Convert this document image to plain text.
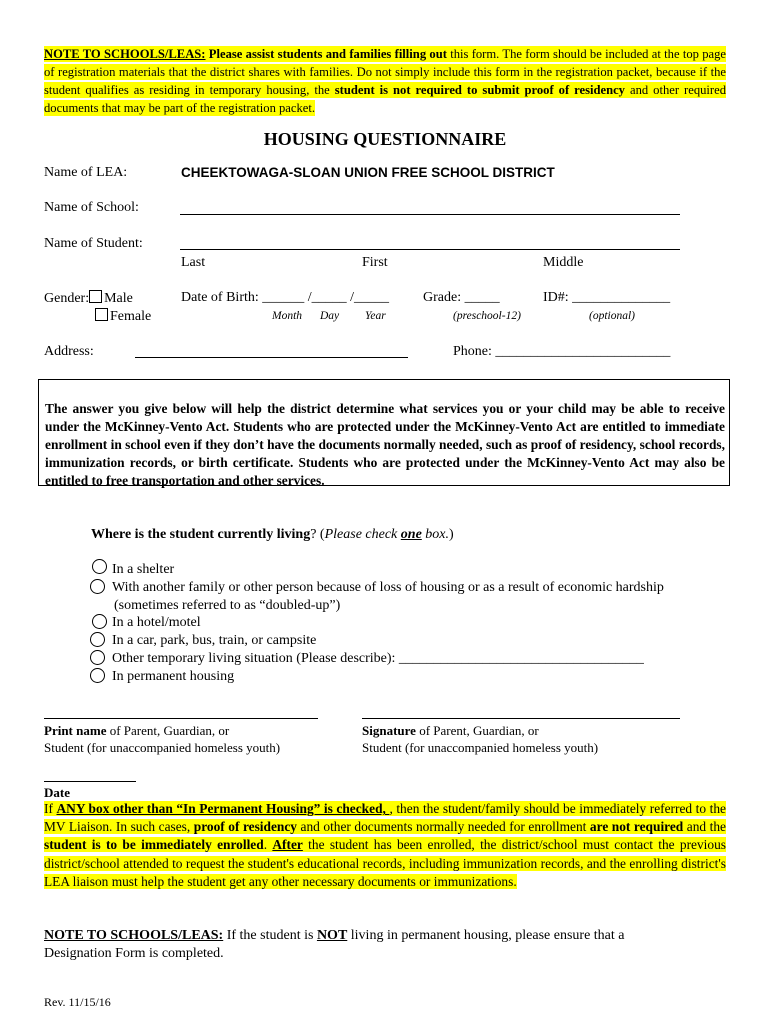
NOTE TO SCHOOLS/LEAS: Please assist students and families filling out this form. The form should be included at the top page of registration materials that the district shares with families. Do not simply include this form in the registration packet, because if the student qualifies as residing in temporary housing, the student is not required to submit proof of residency and other required documents that may be part of the registration packet.
HOUSING QUESTIONNAIRE
Name of LEA:	CHEEKTOWAGA-SLOAN UNION FREE SCHOOL DISTRICT
Name of School:
Name of Student:
Last	First	Middle
Gender: Male
Female
Date of Birth: ______ /_____ /_____
Month Day Year
Grade: _____
(preschool-12)
ID#: ______________
(optional)
Address:	Phone: _________________________

The answer you give below will help the district determine what services you or your child may be able to receive under the McKinney-Vento Act. Students who are protected under the McKinney-Vento Act are entitled to immediate enrollment in school even if they don’t have the documents normally needed, such as proof of residency, school records, immunization records, or birth certificate. Students who are protected under the McKinney-Vento Act may also be entitled to free transportation and other services.

Where is the student currently living? (Please check one box.)
In a shelter
With another family or other person because of loss of housing or as a result of economic hardship
(sometimes referred to as “doubled-up”)
In a hotel/motel
In a car, park, bus, train, or campsite
Other temporary living situation (Please describe): ___________________________________
In permanent housing
Print name of Parent, Guardian, or
Student (for unaccompanied homeless youth)
Signature of Parent, Guardian, or
Student (for unaccompanied homeless youth)
Date
If ANY box other than “In Permanent Housing” is checked, , then the student/family should be immediately referred to the MV Liaison. In such cases, proof of residency and other documents normally needed for enrollment are not required and the student is to be immediately enrolled. After the student has been enrolled, the district/school must contact the previous district/school attended to request the student's educational records, including immunization records, and the enrolling district's LEA liaison must help the student get any other necessary documents or immunizations.
NOTE TO SCHOOLS/LEAS: If the student is NOT living in permanent housing, please ensure that a
Designation Form is completed.
Rev. 11/15/16
